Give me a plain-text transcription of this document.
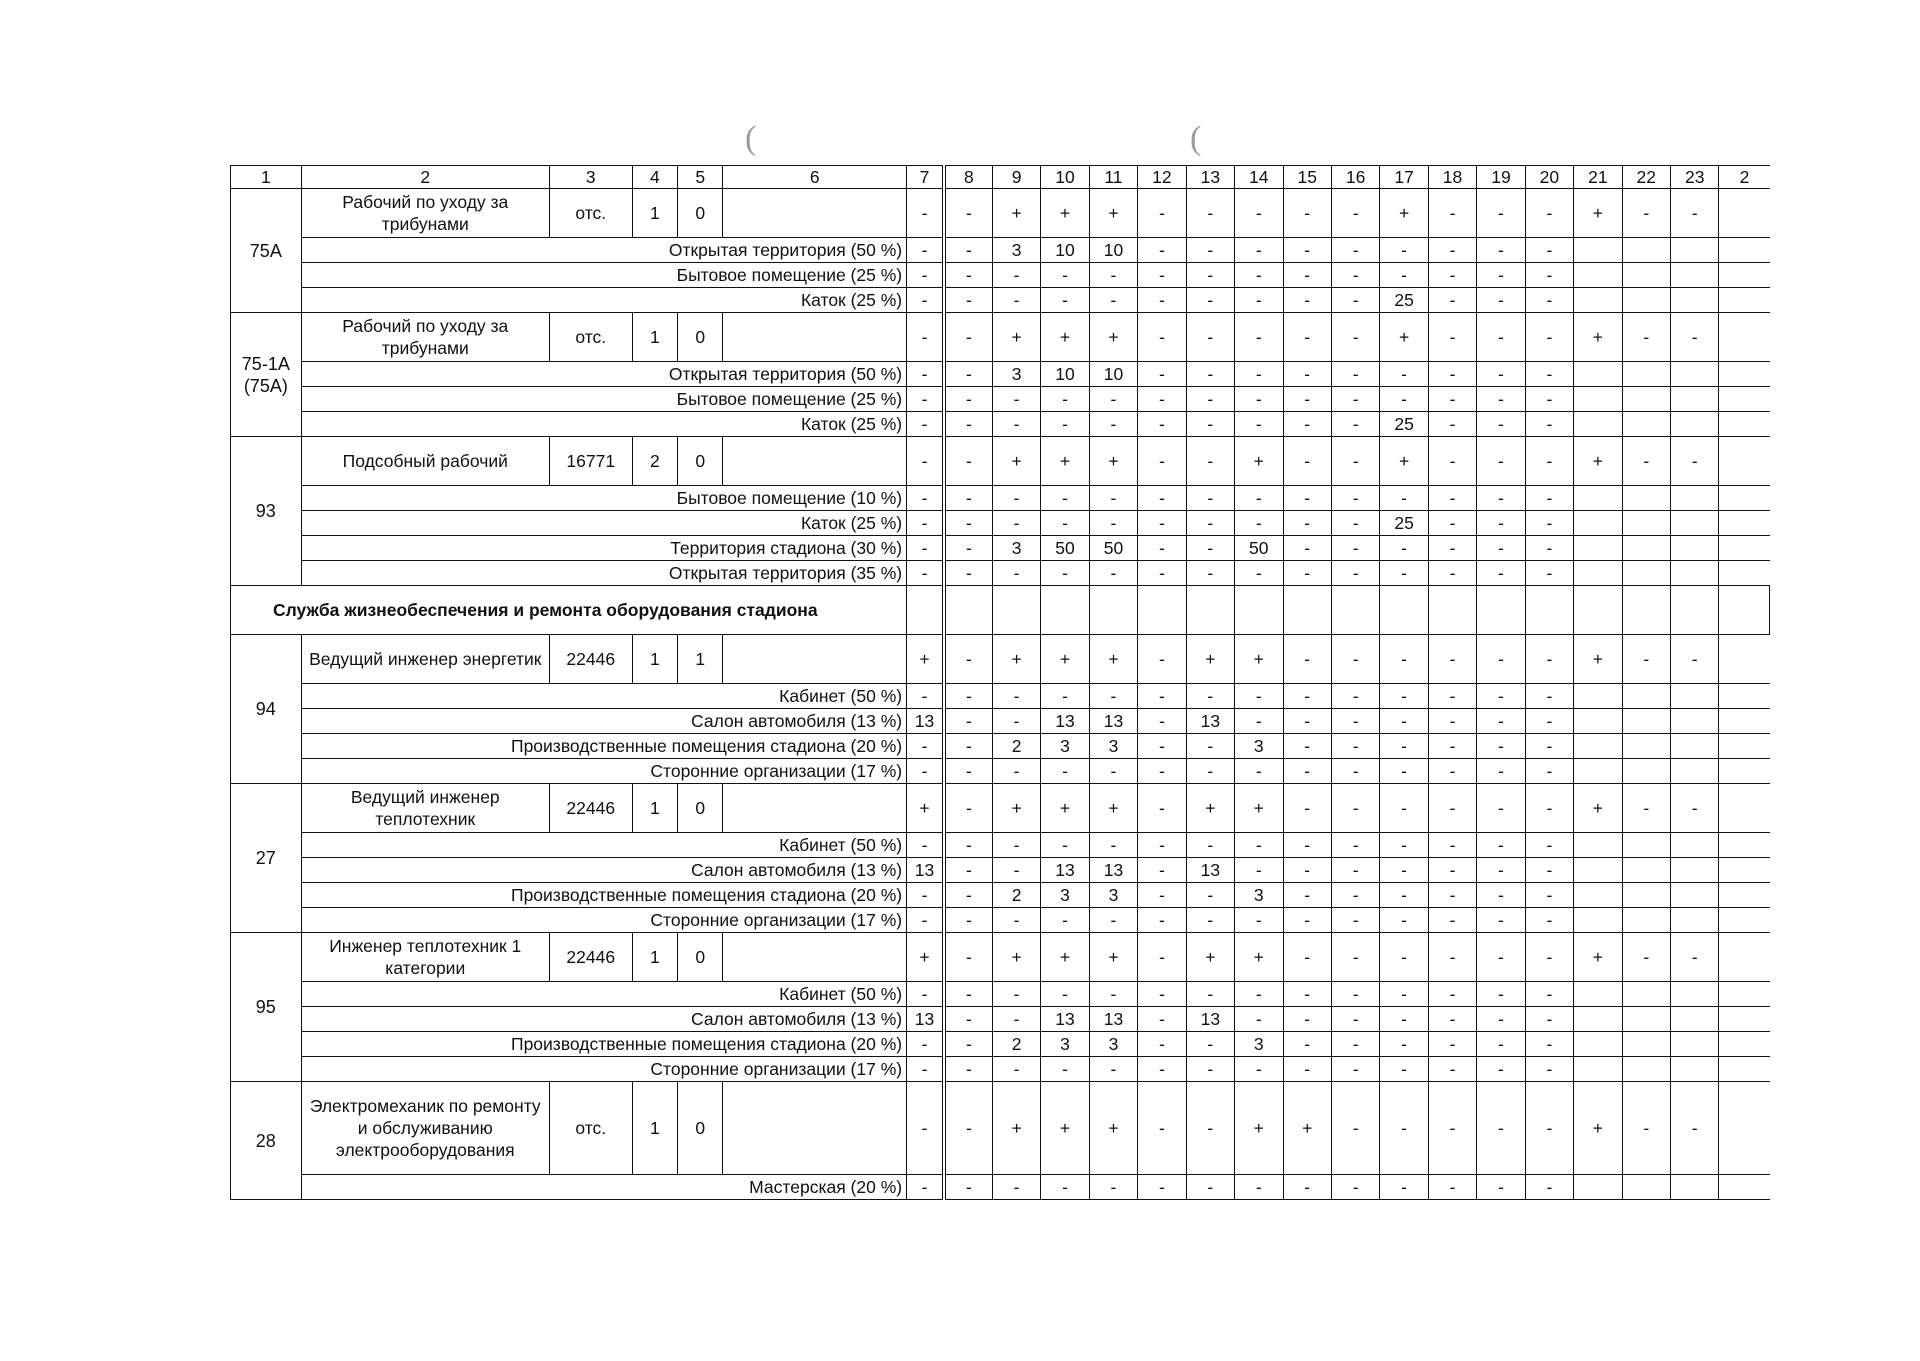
(	(
1	2	3	4	5	6	7	8	9	10	11	12	13	14	15	16	17	18	19	20	21	22	23	2
75А	Рабочий по уходу за трибунами	отс.	1	0		-	-	+	+	+	-	-	-	-	-	+	-	-	-	+	-	-	
	Открытая территория (50 %)					-	-	3	10	10	-	-	-	-	-	-	-	-	-				
	Бытовое помещение (25 %)					-	-	-	-	-	-	-	-	-	-	-	-	-	-				
	Каток (25 %)					-	-	-	-	-	-	-	-	-	-	25	-	-	-				
75-1А (75А)	Рабочий по уходу за трибунами	отс.	1	0		-	-	+	+	+	-	-	-	-	-	+	-	-	-	+	-	-	
	Открытая территория (50 %)					-	-	3	10	10	-	-	-	-	-	-	-	-	-				
	Бытовое помещение (25 %)					-	-	-	-	-	-	-	-	-	-	-	-	-	-				
	Каток (25 %)					-	-	-	-	-	-	-	-	-	-	25	-	-	-				
93	Подсобный рабочий	16771	2	0		-	-	+	+	+	-	-	+	-	-	+	-	-	-	+	-	-	
	Бытовое помещение (10 %)					-	-	-	-	-	-	-	-	-	-	-	-	-	-				
	Каток (25 %)					-	-	-	-	-	-	-	-	-	-	25	-	-	-				
	Территория стадиона (30 %)					-	-	3	50	50	-	-	50	-	-	-	-	-	-				
	Открытая территория (35 %)					-	-	-	-	-	-	-	-	-	-	-	-	-	-				
Служба жизнеобеспечения и ремонта оборудования стадиона																							
94	Ведущий инженер энергетик	22446	1	1		+	-	+	+	+	-	+	+	-	-	-	-	-	-	+	-	-	
	Кабинет (50 %)					-	-	-	-	-	-	-	-	-	-	-	-	-	-				
	Салон автомобиля (13 %)					13	-	-	13	13	-	13	-	-	-	-	-	-	-				
	Производственные помещения стадиона (20 %)					-	-	2	3	3	-	-	3	-	-	-	-	-	-				
	Сторонние организации (17 %)					-	-	-	-	-	-	-	-	-	-	-	-	-	-				
27	Ведущий инженер теплотехник	22446	1	0		+	-	+	+	+	-	+	+	-	-	-	-	-	-	+	-	-	
	Кабинет (50 %)					-	-	-	-	-	-	-	-	-	-	-	-	-	-				
	Салон автомобиля (13 %)					13	-	-	13	13	-	13	-	-	-	-	-	-	-				
	Производственные помещения стадиона (20 %)					-	-	2	3	3	-	-	3	-	-	-	-	-	-				
	Сторонние организации (17 %)					-	-	-	-	-	-	-	-	-	-	-	-	-	-				
95	Инженер теплотехник 1 категории	22446	1	0		+	-	+	+	+	-	+	+	-	-	-	-	-	-	+	-	-	
	Кабинет (50 %)					-	-	-	-	-	-	-	-	-	-	-	-	-	-				
	Салон автомобиля (13 %)					13	-	-	13	13	-	13	-	-	-	-	-	-	-				
	Производственные помещения стадиона (20 %)					-	-	2	3	3	-	-	3	-	-	-	-	-	-				
	Сторонние организации (17 %)					-	-	-	-	-	-	-	-	-	-	-	-	-	-				
28	Электромеханик по ремонту и обслуживанию электрооборудования	отс.	1	0		-	-	+	+	+	-	-	+	+	-	-	-	-	-	+	-	-	
	Мастерская (20 %)					-	-	-	-	-	-	-	-	-	-	-	-	-	-				
